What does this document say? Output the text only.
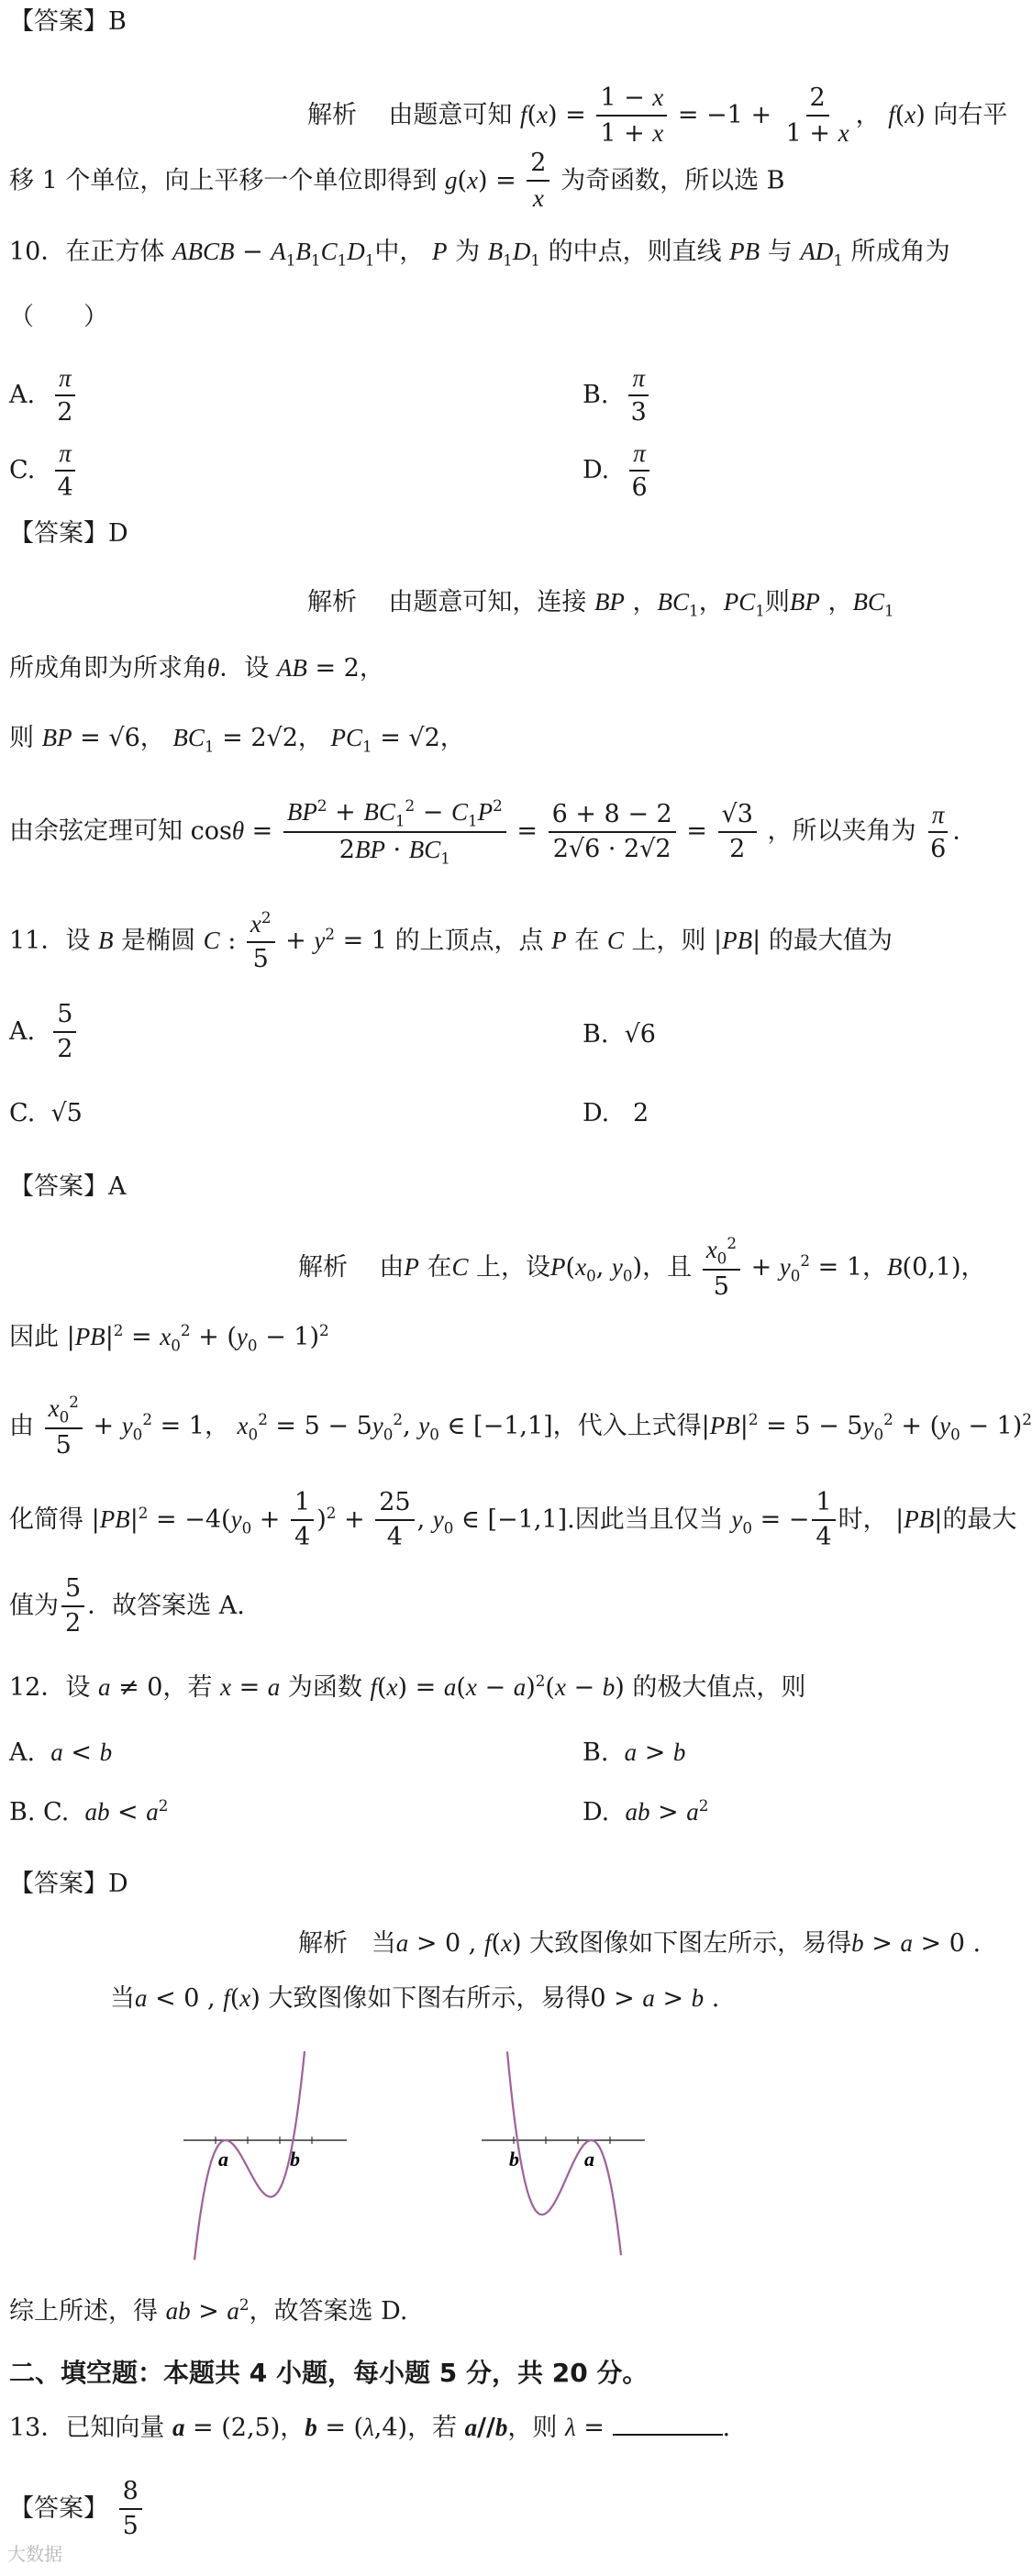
【答案】B
解析 由题意可知 $f(x) = \frac{1 - x}{1 + x} = -1 + \frac{2}{1 + x}$ ， f(x) 向右平
移 1 个单位，向上平移一个单位即得到 $g(x) = \frac{2}{x}$ 为奇函数，所以选 B
10．在正方体 ABCB − $A_1B_1C_1D_1$中， P 为 $B_1D_1$ 的中点，则直线 PB 与 $AD_1$ 所成角为
（　　）
A. $\frac{\pi}{2}$	B. $\frac{\pi}{3}$
C. $\frac{\pi}{4}$	D. $\frac{\pi}{6}$
【答案】D
解析 由题意可知，连接 BP ，$BC_1$，$PC_1$则BP ，$BC_1$
所成角即为所求角θ．设 AB = 2，
则 BP = √6， $BC_1 = 2√2$， $PC_1 = √2$，
由余弦定理可知 $\cos\theta = \frac{BP^2 + BC_1^2 - C_1P^2}{2BP \cdot BC_1} = \frac{6 + 8 - 2}{2√6 \cdot 2√2} = \frac{√3}{2}$ ，所以夹角为 $\frac{\pi}{6}$ .
11．设 B 是椭圆 C : $\frac{x^2}{5} + y^2 = 1$ 的上顶点，点 P 在 C 上，则 |PB| 的最大值为
A. $\frac{5}{2}$	B.  √6
C.  √5	D.   2
【答案】A
解析 由P 在C 上，设$P(x_0$, $y_0$)，且 $\frac{x_0^2}{5} + y_0^2 = 1$，B(0,1)，
因此 $|PB|^2 = x_0^2 + (y_0 - 1)^2$
由 $\frac{x_0^2}{5} + y_0^2 = 1$， $x_0^2 = 5 - 5y_0^2$, $y_0$ ∈ [−1,1]，代入上式得$|PB|^2 = 5 - 5y_0^2 + (y_0 - 1)^2$
化简得 $|PB|^2 = -4(y_0 + \frac{1}{4} )^2 + \frac{25}{4}$ , $y_0$ ∈ [−1,1].因此当且仅当 $y_0$ = − $\frac{1}{4}$ 时， |PB|的最大
值为 $\frac{5}{2}$ ．故答案选 A.
12．设 a ≠ 0，若 x = a 为函数 $f(x) = a(x - a)^2(x - b)$ 的极大值点，则
A. a < b	B. a > b
B. C. ab < $a^2$	D. ab > $a^2$
【答案】D
解析 当a > 0 , f(x) 大致图像如下图左所示，易得b > a > 0 .
当a < 0 , f(x) 大致图像如下图右所示，易得0 > a > b .
a	b	b	a
综上所述，得 ab > $a^2$，故答案选 D.
二、填空题：本题共 4 小题，每小题 5 分，共 20 分。
13．已知向量 a = (2,5)，b = (λ,4)，若 a//b，则 λ =	.
【答案】 $\frac{8}{5}$
大数据
